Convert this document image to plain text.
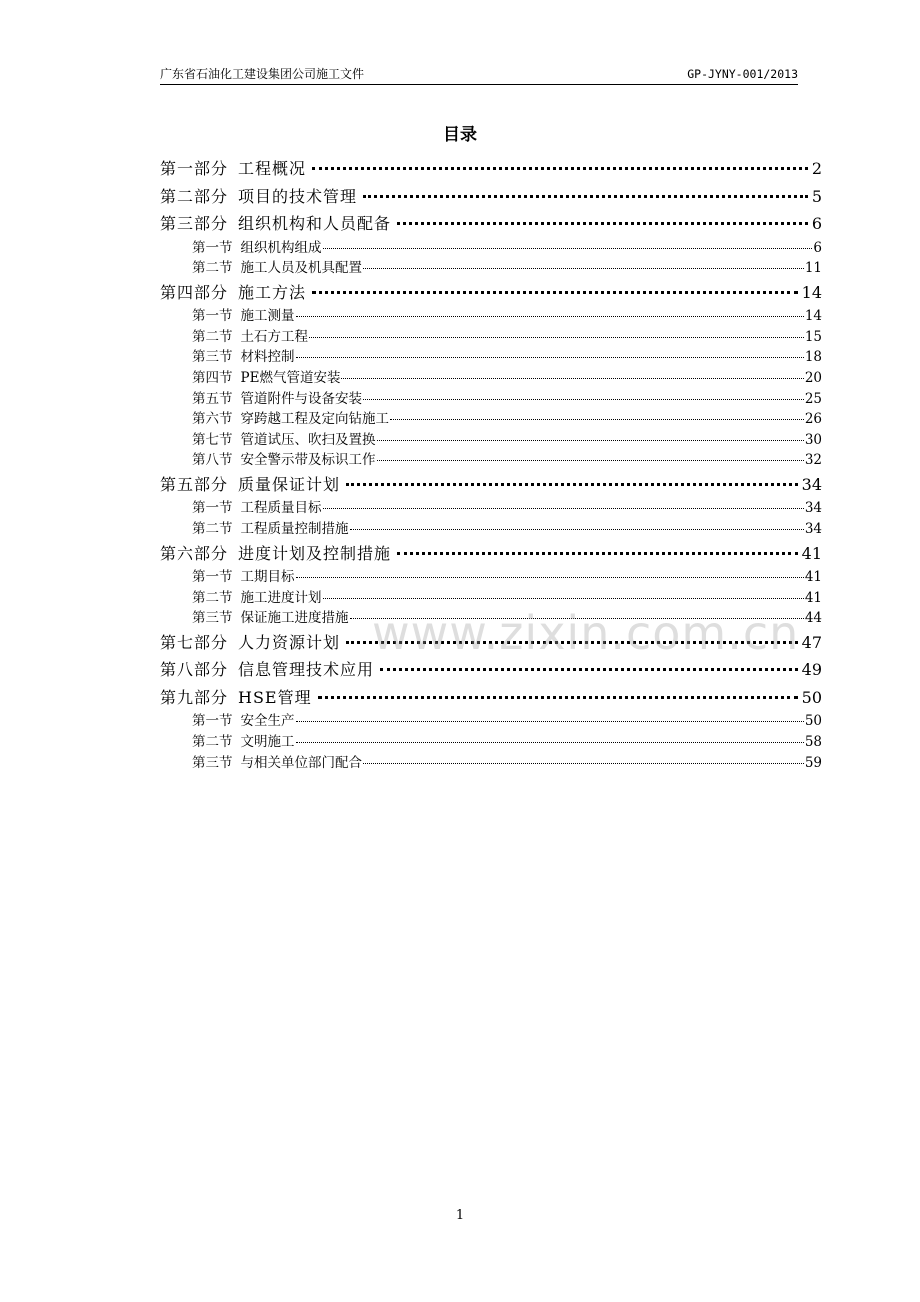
广东省石油化工建设集团公司施工文件	GP-JYNY-001/2013
目录
第一部分 工程概况	2
第二部分 项目的技术管理	5
第三部分 组织机构和人员配备	6
第一节 组织机构组成	6
第二节 施工人员及机具配置	11
第四部分 施工方法	14
第一节 施工测量	14
第二节 土石方工程	15
第三节 材料控制	18
第四节 PE燃气管道安装	20
第五节 管道附件与设备安装	25
第六节 穿跨越工程及定向钻施工	26
第七节 管道试压、吹扫及置换	30
第八节 安全警示带及标识工作	32
第五部分 质量保证计划	34
第一节 工程质量目标	34
第二节 工程质量控制措施	34
第六部分 进度计划及控制措施	41
第一节 工期目标	41
第二节 施工进度计划	41
第三节 保证施工进度措施	44
第七部分 人力资源计划	47
第八部分 信息管理技术应用	49
第九部分 HSE管理	50
第一节 安全生产	50
第二节 文明施工	58
第三节 与相关单位部门配合	59
www.zixin.com.cn
1
